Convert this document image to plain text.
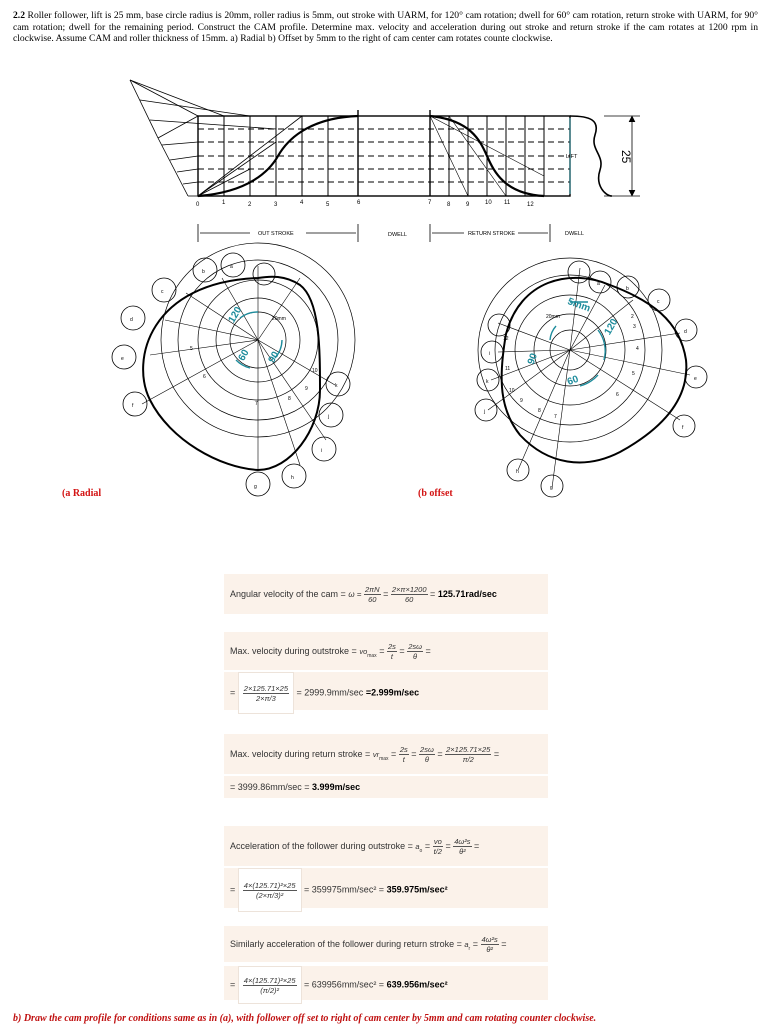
2.2 Roller follower, lift is 25 mm, base circle radius is 20mm, roller radius is 5mm, out stroke with UARM, for 120° cam rotation; dwell for 60° cam rotation, return stroke with UARM, for 90° cam rotation; dwell for the remaining period. Construct the CAM profile. Determine max. velocity and acceleration during out stroke and return stroke if the cam rotates at 1200 rpm in clockwise. Assume CAM and roller thickness of 15mm. a) Radial b) Offset by 5mm to the right of cam center cam rotates counte clockwise.
0	1	2	3	4	5	6	7	8	9	10 11	12
OUT STROKE	DWELL	RETURN STROKE	DWELL
LIFT	25
120
60 90
20mm
g
h
i
j
k
f
e
d
c
b
a
5
6
7
8
9
10
(a Radial
5mm
120
90
60
20mm
a
b
c
d
e
f
g
h
j
k
i
2
3
4
5
6
7
8
9
10
11
12
(b offset
Angular velocity of the cam = $\omega = \frac{2\pi N}{60} = \frac{2\times\pi\times 1200}{60} = 125.71rad/\sec$
Max. velocity during outstroke = $vo_{max} = \frac{2s}{t} = \frac{2s\omega}{\theta}$ =
= $\frac{2\times 125.71\times 25}{2\times\pi/3} = 2999.9mm/\sec =2.999m/\sec$
Max. velocity during return stroke = $vr_{max} = \frac{2s}{t} = \frac{2s\omega}{\theta} = \frac{2\times 125.71\times 25}{\pi/2}$ =
= 3999.86mm/sec = 3.999m/sec
Acceleration of the follower during outstroke = $a_o = \frac{vo}{t/2} = \frac{\text{4ω²s}}{\text{θ²}}$ =
= $\frac{\text{4×(125.71)²×25}}{\text{(2×π/3)²}} = 359975mm/\sec^2 = 359.975m/\sec^2$
Similarly acceleration of the follower during return stroke = $a_r = \frac{\text{4ω²s}}{\text{θ²}}$ =
= $\frac{\text{4×(125.71)²×25}}{\text{(π/2)²}} = 639956mm/\sec^2 = 639.956m/\sec^2$
b) Draw the cam profile for conditions same as in (a), with follower off set to right of cam center by 5mm and cam rotating counter clockwise.
